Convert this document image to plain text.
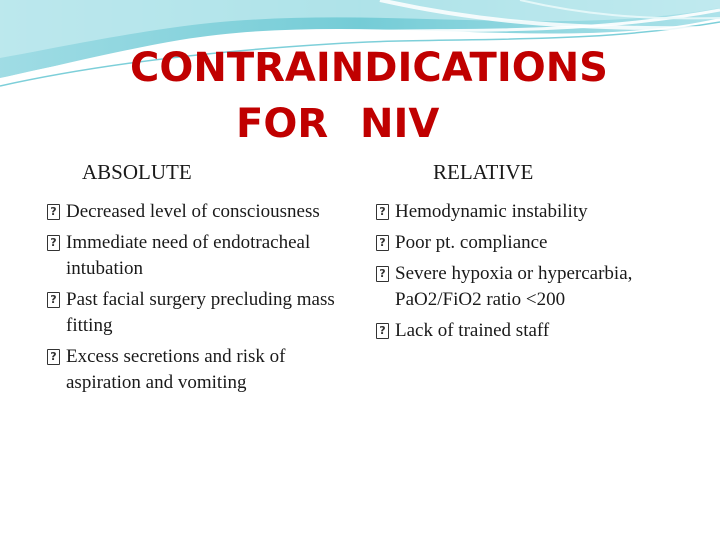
CONTRAINDICATIONS
FOR NIV
ABSOLUTE	RELATIVE
? Decreased level of consciousness
? Immediate need of endotracheal intubation
? Past facial surgery precluding mass fitting
? Excess secretions and risk of aspiration and vomiting
? Hemodynamic instability
? Poor pt. compliance
? Severe hypoxia or hypercarbia, PaO2/FiO2 ratio <200
? Lack of trained staff
